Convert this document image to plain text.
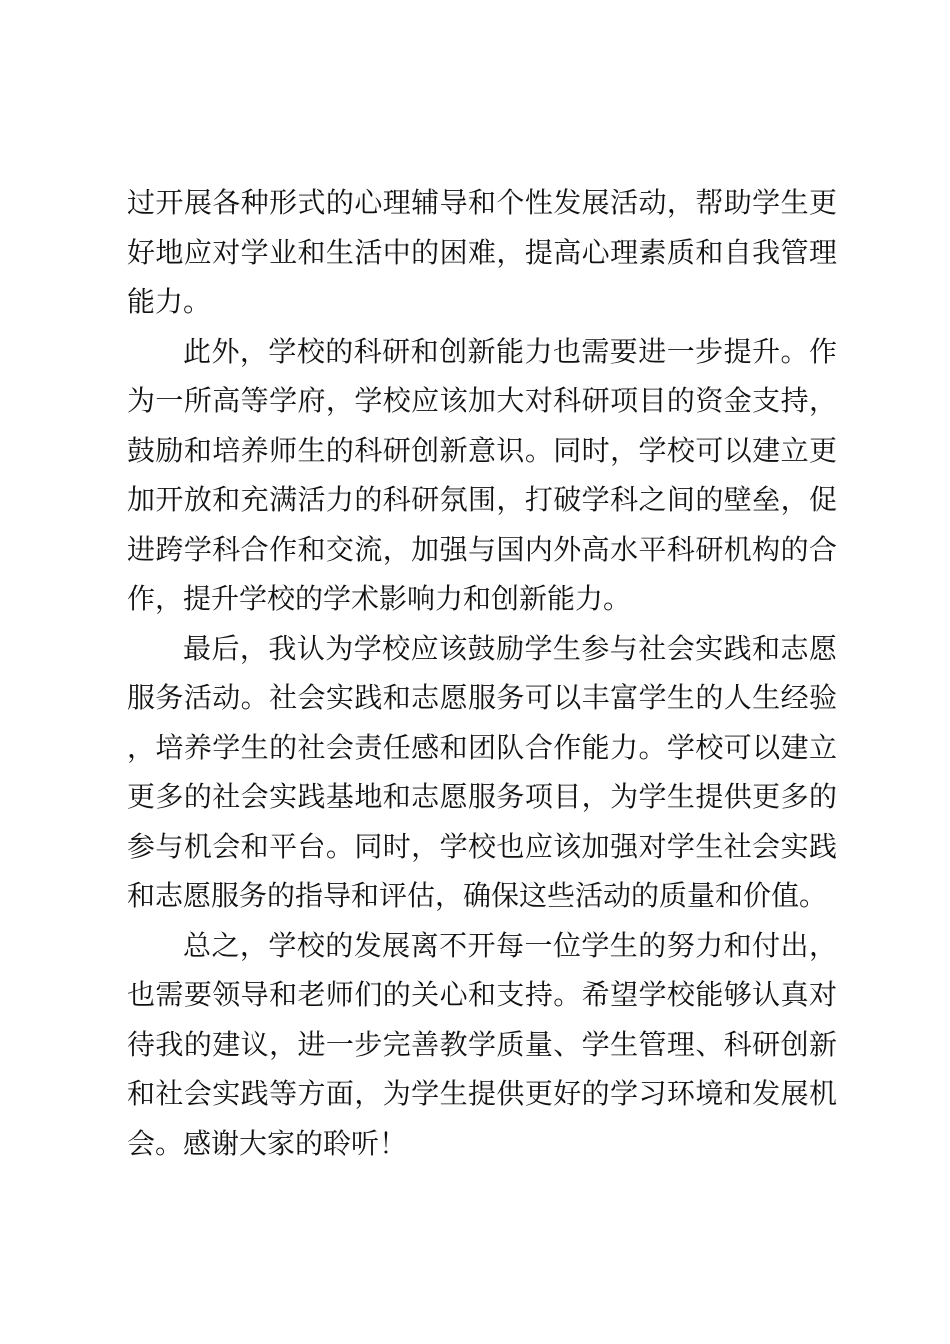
过开展各种形式的心理辅导和个性发展活动，帮助学生更好地应对学业和生活中的困难，提高心理素质和自我管理能力。

此外，学校的科研和创新能力也需要进一步提升。作为一所高等学府，学校应该加大对科研项目的资金支持，鼓励和培养师生的科研创新意识。同时，学校可以建立更加开放和充满活力的科研氛围，打破学科之间的壁垒，促进跨学科合作和交流，加强与国内外高水平科研机构的合作，提升学校的学术影响力和创新能力。

最后，我认为学校应该鼓励学生参与社会实践和志愿服务活动。社会实践和志愿服务可以丰富学生的人生经验，培养学生的社会责任感和团队合作能力。学校可以建立更多的社会实践基地和志愿服务项目，为学生提供更多的参与机会和平台。同时，学校也应该加强对学生社会实践和志愿服务的指导和评估，确保这些活动的质量和价值。

总之，学校的发展离不开每一位学生的努力和付出，也需要领导和老师们的关心和支持。希望学校能够认真对待我的建议，进一步完善教学质量、学生管理、科研创新和社会实践等方面，为学生提供更好的学习环境和发展机会。感谢大家的聆听！
